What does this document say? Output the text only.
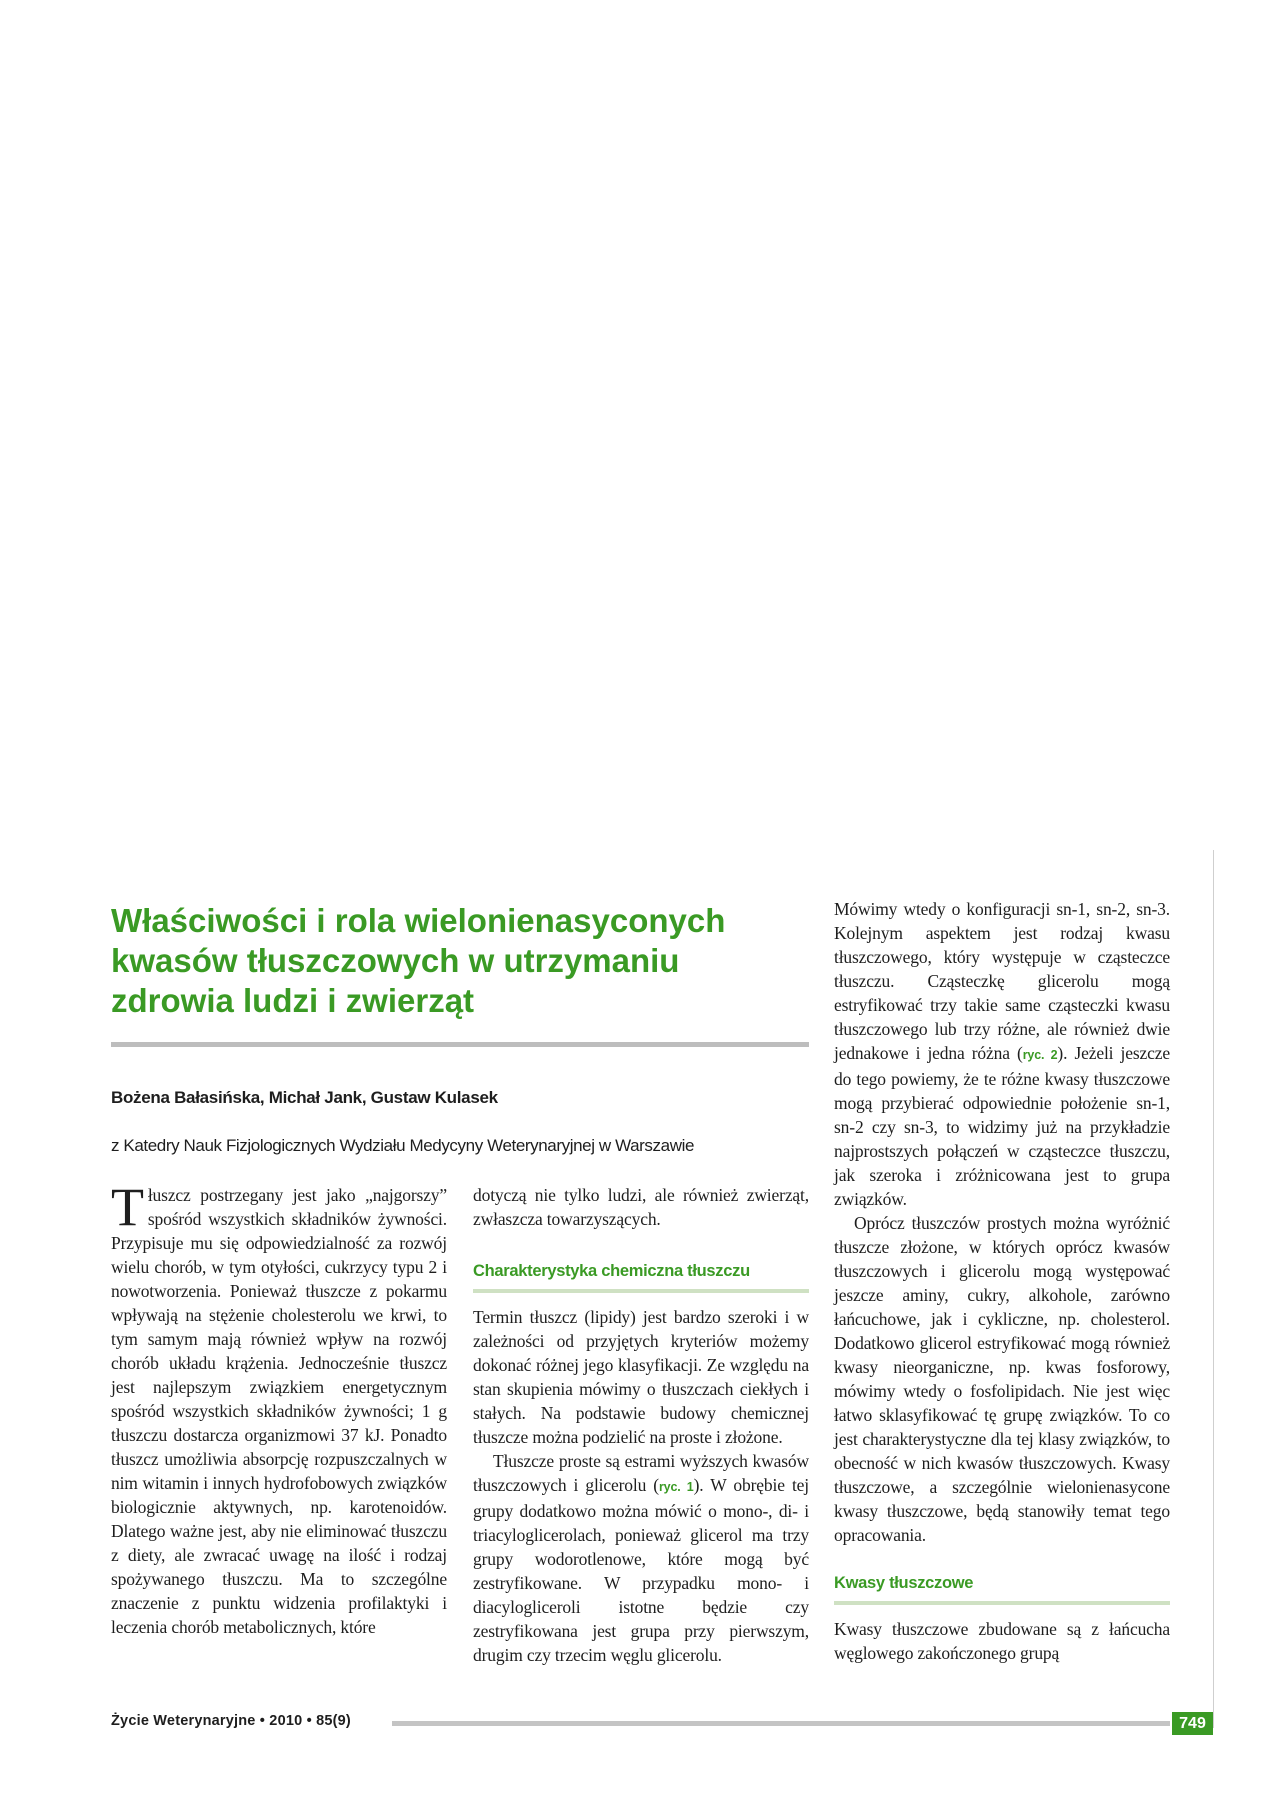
Właściwości i rola wielonienasyconych
kwasów tłuszczowych w utrzymaniu
zdrowia ludzi i zwierząt

Bożena Bałasińska, Michał Jank, Gustaw Kulasek

z Katedry Nauk Fizjologicznych Wydziału Medycyny Weterynaryjnej w Warszawie

Tłuszcz postrzegany jest jako „najgorszy” spośród wszystkich składników żywności. Przypisuje mu się odpowiedzialność za rozwój wielu chorób, w tym otyłości, cukrzycy typu 2 i nowotworzenia. Ponieważ tłuszcze z pokarmu wpływają na stężenie cholesterolu we krwi, to tym samym mają również wpływ na rozwój chorób układu krążenia. Jednocześnie tłuszcz jest najlepszym związkiem energetycznym spośród wszystkich składników żywności; 1 g tłuszczu dostarcza organizmowi 37 kJ. Ponadto tłuszcz umożliwia absorpcję rozpuszczalnych w nim witamin i innych hydrofobowych związków biologicznie aktywnych, np. karotenoidów. Dlatego ważne jest, aby nie eliminować tłuszczu z diety, ale zwracać uwagę na ilość i rodzaj spożywanego tłuszczu. Ma to szczególne znaczenie z punktu widzenia profilaktyki i leczenia chorób metabolicznych, które

dotyczą nie tylko ludzi, ale również zwierząt, zwłaszcza towarzyszących.

Charakterystyka chemiczna tłuszczu

Termin tłuszcz (lipidy) jest bardzo szeroki i w zależności od przyjętych kryteriów możemy dokonać różnej jego klasyfikacji. Ze względu na stan skupienia mówimy o tłuszczach ciekłych i stałych. Na podstawie budowy chemicznej tłuszcze można podzielić na proste i złożone.

Tłuszcze proste są estrami wyższych kwasów tłuszczowych i glicerolu (ryc. 1). W obrębie tej grupy dodatkowo można mówić o mono-, di- i triacyloglicerolach, ponieważ glicerol ma trzy grupy wodorotlenowe, które mogą być zestryfikowane. W przypadku mono- i diacylogliceroli istotne będzie czy zestryfikowana jest grupa przy pierwszym, drugim czy trzecim węglu glicerolu.

Mówimy wtedy o konfiguracji sn-1, sn-2, sn-3. Kolejnym aspektem jest rodzaj kwasu tłuszczowego, który występuje w cząsteczce tłuszczu. Cząsteczkę glicerolu mogą estryfikować trzy takie same cząsteczki kwasu tłuszczowego lub trzy różne, ale również dwie jednakowe i jedna różna (ryc. 2). Jeżeli jeszcze do tego powiemy, że te różne kwasy tłuszczowe mogą przybierać odpowiednie położenie sn-1, sn-2 czy sn-3, to widzimy już na przykładzie najprostszych połączeń w cząsteczce tłuszczu, jak szeroka i zróżnicowana jest to grupa związków.

Oprócz tłuszczów prostych można wyróżnić tłuszcze złożone, w których oprócz kwasów tłuszczowych i glicerolu mogą występować jeszcze aminy, cukry, alkohole, zarówno łańcuchowe, jak i cykliczne, np. cholesterol. Dodatkowo glicerol estryfikować mogą również kwasy nieorganiczne, np. kwas fosforowy, mówimy wtedy o fosfolipidach. Nie jest więc łatwo sklasyfikować tę grupę związków. To co jest charakterystyczne dla tej klasy związków, to obecność w nich kwasów tłuszczowych. Kwasy tłuszczowe, a szczególnie wielonienasycone kwasy tłuszczowe, będą stanowiły temat tego opracowania.

Kwasy tłuszczowe

Kwasy tłuszczowe zbudowane są z łańcucha węglowego zakończonego grupą

Życie Weterynaryjne • 2010 • 85(9)	749
